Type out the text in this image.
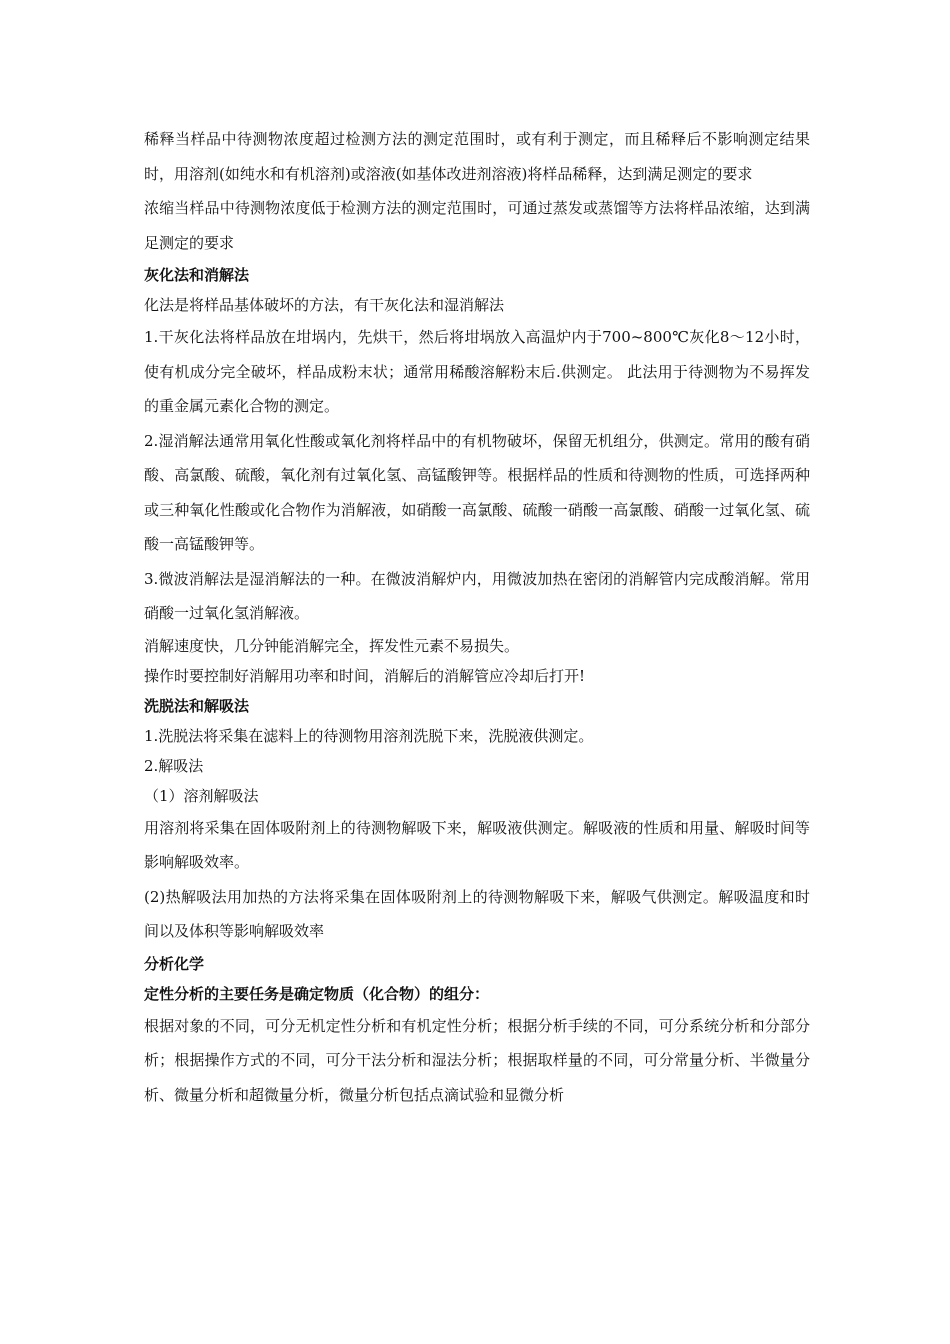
稀释当样品中待测物浓度超过检测方法的测定范围时，或有利于测定，而且稀释后不影响测定结果时，用溶剂(如纯水和有机溶剂)或溶液(如基体改进剂溶液)将样品稀释，达到满足测定的要求

浓缩当样品中待测物浓度低于检测方法的测定范围时，可通过蒸发或蒸馏等方法将样品浓缩，达到满足测定的要求

灰化法和消解法

化法是将样品基体破坏的方法，有干灰化法和湿消解法

1.干灰化法将样品放在坩埚内，先烘干，然后将坩埚放入高温炉内于700~800℃灰化8～12小时，使有机成分完全破坏，样品成粉末状；通常用稀酸溶解粉末后.供测定。 此法用于待测物为不易挥发的重金属元素化合物的测定。

2.湿消解法通常用氧化性酸或氧化剂将样品中的有机物破坏，保留无机组分，供测定。常用的酸有硝酸、高氯酸、硫酸，氧化剂有过氧化氢、高锰酸钾等。根据样品的性质和待测物的性质，可选择两种或三种氧化性酸或化合物作为消解液，如硝酸一高氯酸、硫酸一硝酸一高氯酸、硝酸一过氧化氢、硫酸一高锰酸钾等。

3.微波消解法是湿消解法的一种。在微波消解炉内，用微波加热在密闭的消解管内完成酸消解。常用硝酸一过氧化氢消解液。

消解速度快，几分钟能消解完全，挥发性元素不易损失。

操作时要控制好消解用功率和时间，消解后的消解管应冷却后打开!

洗脱法和解吸法

1.洗脱法将采集在滤料上的待测物用溶剂洗脱下来，洗脱液供测定。

2.解吸法

（1）溶剂解吸法

用溶剂将采集在固体吸附剂上的待测物解吸下来，解吸液供测定。解吸液的性质和用量、解吸时间等影响解吸效率。

(2)热解吸法用加热的方法将采集在固体吸附剂上的待测物解吸下来，解吸气供测定。解吸温度和时间以及体积等影响解吸效率

分析化学

定性分析的主要任务是确定物质（化合物）的组分：

根据对象的不同，可分无机定性分析和有机定性分析；根据分析手续的不同，可分系统分析和分部分析；根据操作方式的不同，可分干法分析和湿法分析；根据取样量的不同，可分常量分析、半微量分析、微量分析和超微量分析，微量分析包括点滴试验和显微分析
